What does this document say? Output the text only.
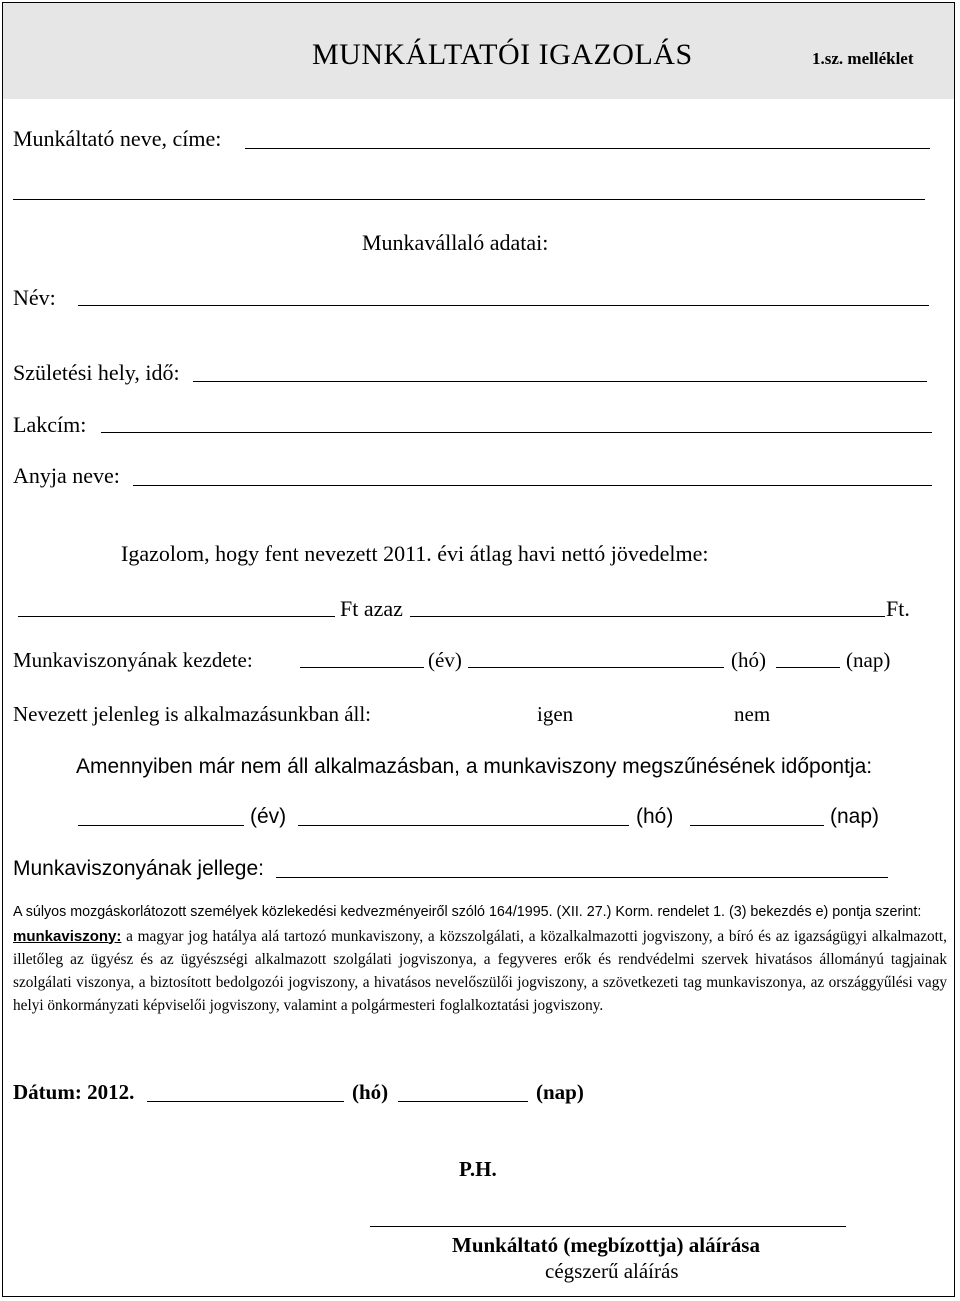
MUNKÁLTATÓI IGAZOLÁS	1.sz. melléklet
Munkáltató neve, címe:
Munkavállaló adatai:
Név:
Születési hely, idő:
Lakcím:
Anyja neve:
Igazolom, hogy fent nevezett 2011. évi átlag havi nettó jövedelme:
Ft azaz	Ft.
Munkaviszonyának kezdete:	(év)	(hó)	(nap)
Nevezett jelenleg is alkalmazásunkban áll:	igen	nem
Amennyiben már nem áll alkalmazásban, a munkaviszony megszűnésének időpontja:
(év)	(hó)	(nap)
Munkaviszonyának jellege:

A súlyos mozgáskorlátozott személyek közlekedési kedvezményeiről szóló 164/1995. (XII. 27.) Korm. rendelet 1. (3) bekezdés e) pontja szerint:

munkaviszony: a magyar jog hatálya alá tartozó munkaviszony, a közszolgálati, a közalkalmazotti jogviszony, a bíró és az igazságügyi alkalmazott, illetőleg az ügyész és az ügyészségi alkalmazott szolgálati jogviszonya, a fegyveres erők és rendvédelmi szervek hivatásos állományú tagjainak szolgálati viszonya, a biztosított bedolgozói jogviszony, a hivatásos nevelőszülői jogviszony, a szövetkezeti tag munkaviszonya, az országgyűlési vagy helyi önkormányzati képviselői jogviszony, valamint a polgármesteri foglalkoztatási jogviszony.

Dátum: 2012.	(hó)	(nap)
P.H.
Munkáltató (megbízottja) aláírása
cégszerű aláírás
